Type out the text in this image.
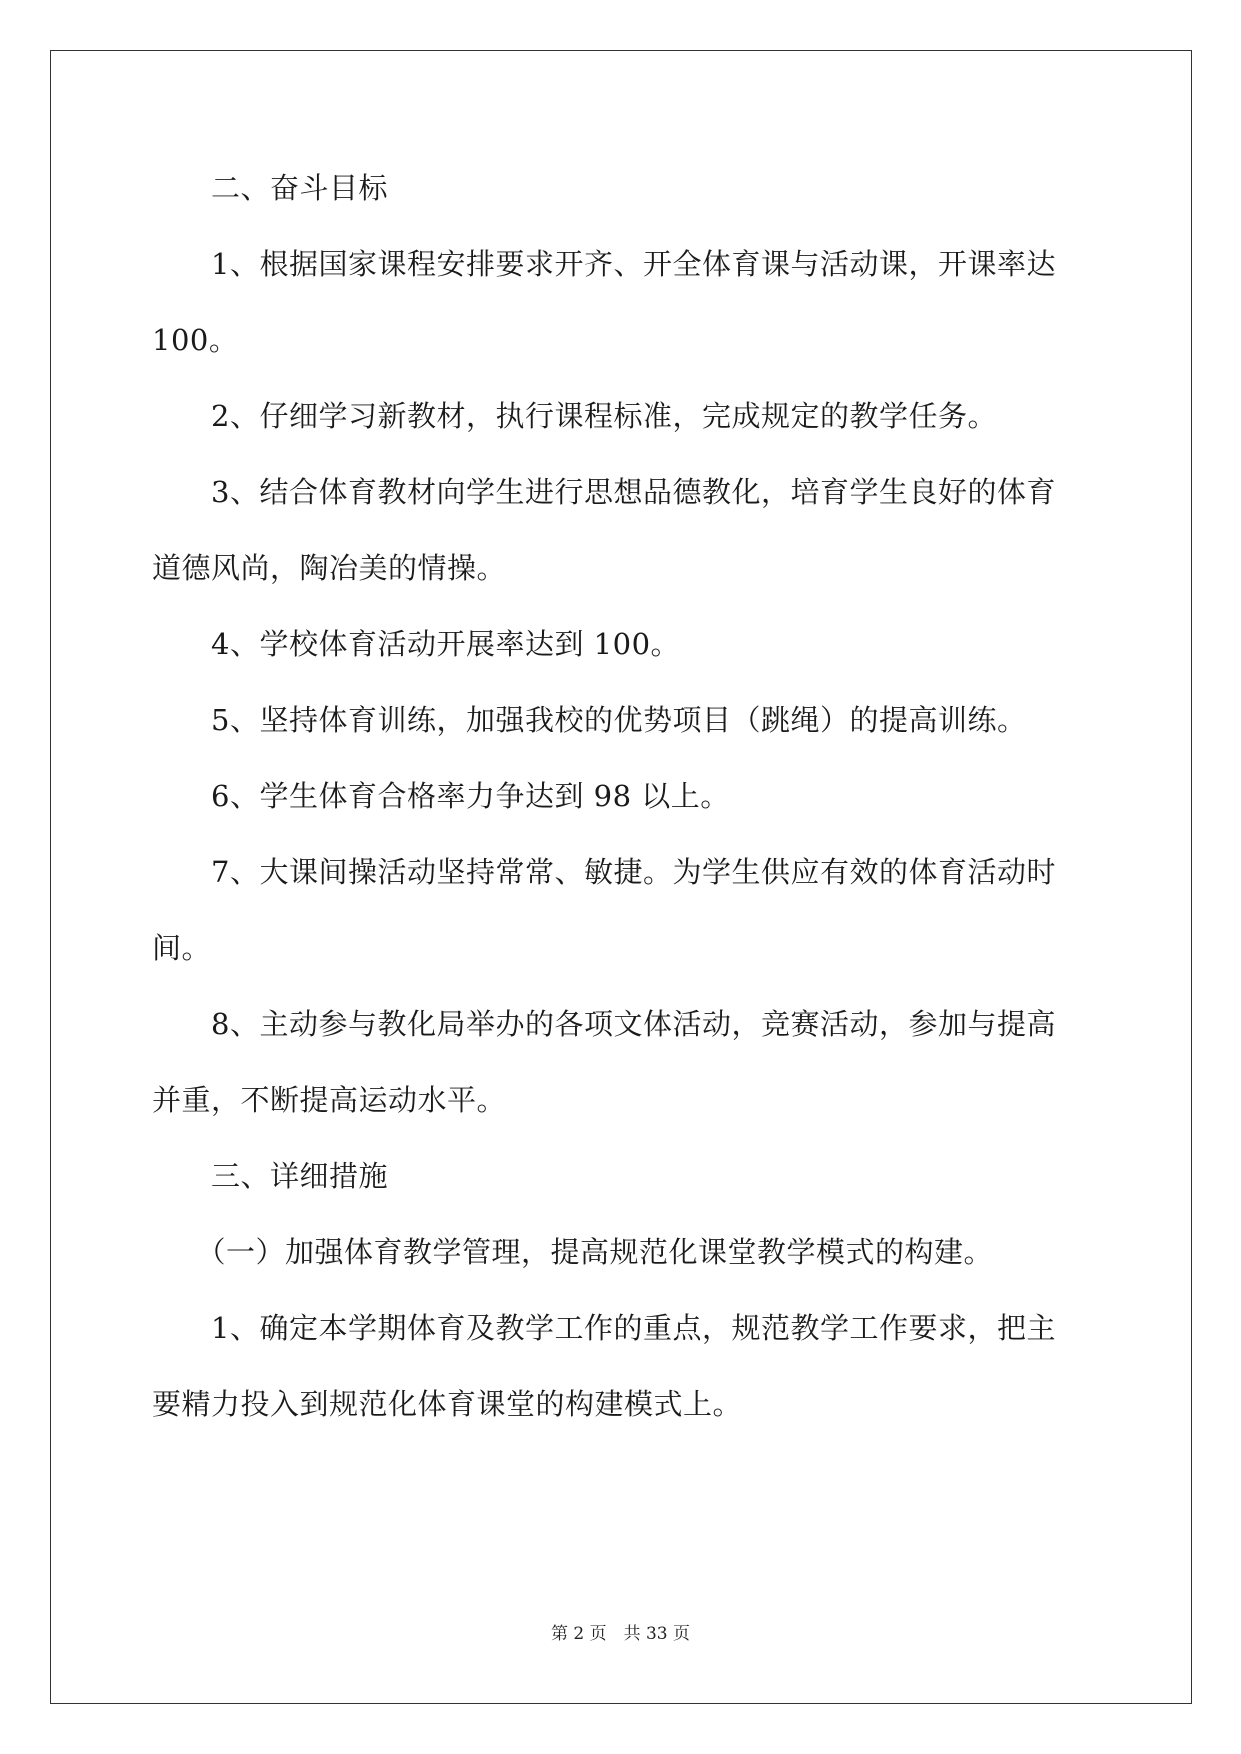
　　二、奋斗目标
　　1、根据国家课程安排要求开齐、开全体育课与活动课，开课率达
100。
　　2、仔细学习新教材，执行课程标准，完成规定的教学任务。
　　3、结合体育教材向学生进行思想品德教化，培育学生良好的体育
道德风尚，陶冶美的情操。
　　4、学校体育活动开展率达到 100。
　　5、坚持体育训练，加强我校的优势项目（跳绳）的提高训练。
　　6、学生体育合格率力争达到 98 以上。
　　7、大课间操活动坚持常常、敏捷。为学生供应有效的体育活动时
间。
　　8、主动参与教化局举办的各项文体活动，竞赛活动，参加与提高
并重，不断提高运动水平。
　　三、详细措施
　　（一）加强体育教学管理，提高规范化课堂教学模式的构建。
　　1、确定本学期体育及教学工作的重点，规范教学工作要求，把主
要精力投入到规范化体育课堂的构建模式上。
第 2 页　共 33 页
